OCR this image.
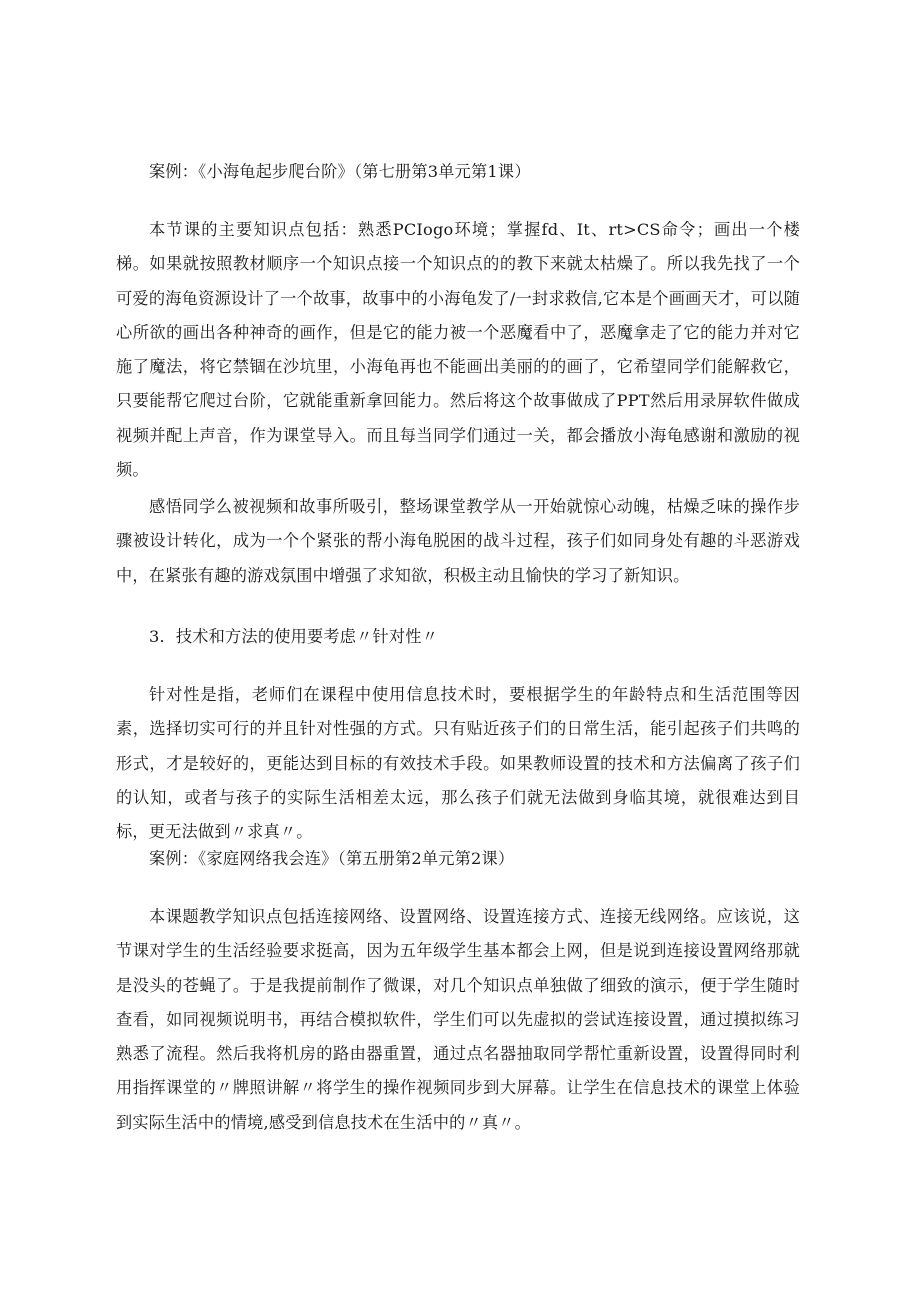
案例：《小海龟起步爬台阶》（第七册第3单元第1课）

本节课的主要知识点包括：熟悉PCIogo环境；掌握fd、It、rt>CS命令；画出一个楼梯。如果就按照教材顺序一个知识点接一个知识点的的教下来就太枯燥了。所以我先找了一个可爱的海龟资源设计了一个故事，故事中的小海龟发了/一封求救信,它本是个画画天才，可以随心所欲的画出各种神奇的画作，但是它的能力被一个恶魔看中了，恶魔拿走了它的能力并对它施了魔法，将它禁锢在沙坑里，小海龟再也不能画出美丽的的画了，它希望同学们能解救它，只要能帮它爬过台阶，它就能重新拿回能力。然后将这个故事做成了PPT然后用录屏软件做成视频并配上声音，作为课堂导入。而且每当同学们通过一关，都会播放小海龟感谢和激励的视频。

感悟同学么被视频和故事所吸引，整场课堂教学从一开始就惊心动魄，枯燥乏味的操作步骤被设计转化，成为一个个紧张的帮小海龟脱困的战斗过程，孩子们如同身处有趣的斗恶游戏中，在紧张有趣的游戏氛围中增强了求知欲，积极主动且愉快的学习了新知识。

3．技术和方法的使用要考虑〃针对性〃

针对性是指，老师们在课程中使用信息技术时，要根据学生的年龄特点和生活范围等因素，选择切实可行的并且针对性强的方式。只有贴近孩子们的日常生活，能引起孩子们共鸣的形式，才是较好的，更能达到目标的有效技术手段。如果教师设置的技术和方法偏离了孩子们的认知，或者与孩子的实际生活相差太远，那么孩子们就无法做到身临其境，就很难达到目标，更无法做到〃求真〃。

案例：《家庭网络我会连》（第五册第2单元第2课）

本课题教学知识点包括连接网络、设置网络、设置连接方式、连接无线网络。应该说，这节课对学生的生活经验要求挺高，因为五年级学生基本都会上网，但是说到连接设置网络那就是没头的苍蝇了。于是我提前制作了微课，对几个知识点单独做了细致的演示，便于学生随时查看，如同视频说明书，再结合模拟软件，学生们可以先虚拟的尝试连接设置，通过摸拟练习熟悉了流程。然后我将机房的路由器重置，通过点名器抽取同学帮忙重新设置，设置得同时利用指挥课堂的〃牌照讲解〃将学生的操作视频同步到大屏幕。让学生在信息技术的课堂上体验到实际生活中的情境,感受到信息技术在生活中的〃真〃。
